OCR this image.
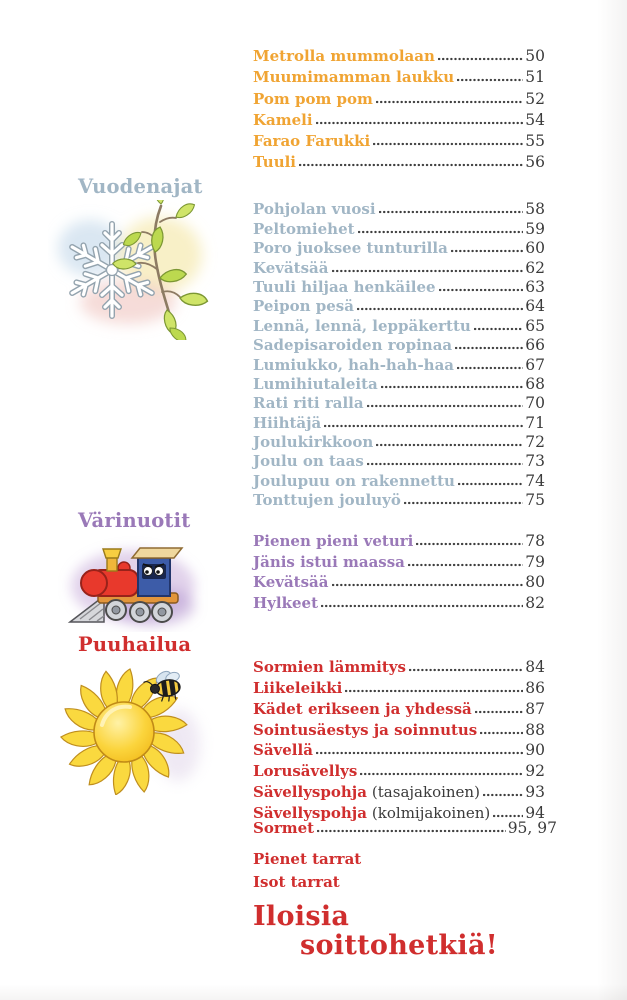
Metrolla mummolaan	50
Muumimamman laukku	51
Pom pom pom	52
Kameli	54
Farao Farukki	55
Tuuli	56
Vuodenajat
Pohjolan vuosi	58
Peltomiehet	59
Poro juoksee tunturilla	60
Kevätsää	62
Tuuli hiljaa henkäilee	63
Peipon pesä	64
Lennä, lennä, leppäkerttu	65
Sadepisaroiden ropinaa	66
Lumiukko, hah-hah-haa	67
Lumihiutaleita	68
Rati riti ralla	70
Hiihtäjä	71
Joulukirkkoon	72
Joulu on taas	73
Joulupuu on rakennettu	74
Tonttujen jouluyö	75
Värinuotit
Pienen pieni veturi	78
Jänis istui maassa	79
Kevätsää	80
Hylkeet	82
Puuhailua
Sormien lämmitys	84
Liikeleikki	86
Kädet erikseen ja yhdessä	87
Sointusäestys ja soinnutus	88
Sävellä	90
Lorusävellys	92
Sävellyspohja (tasajakoinen)	93
Sävellyspohja (kolmijakoinen) 94
Sormet	95, 97
Pienet tarrat
Isot tarrat
Iloisia
soittohetkiä!
